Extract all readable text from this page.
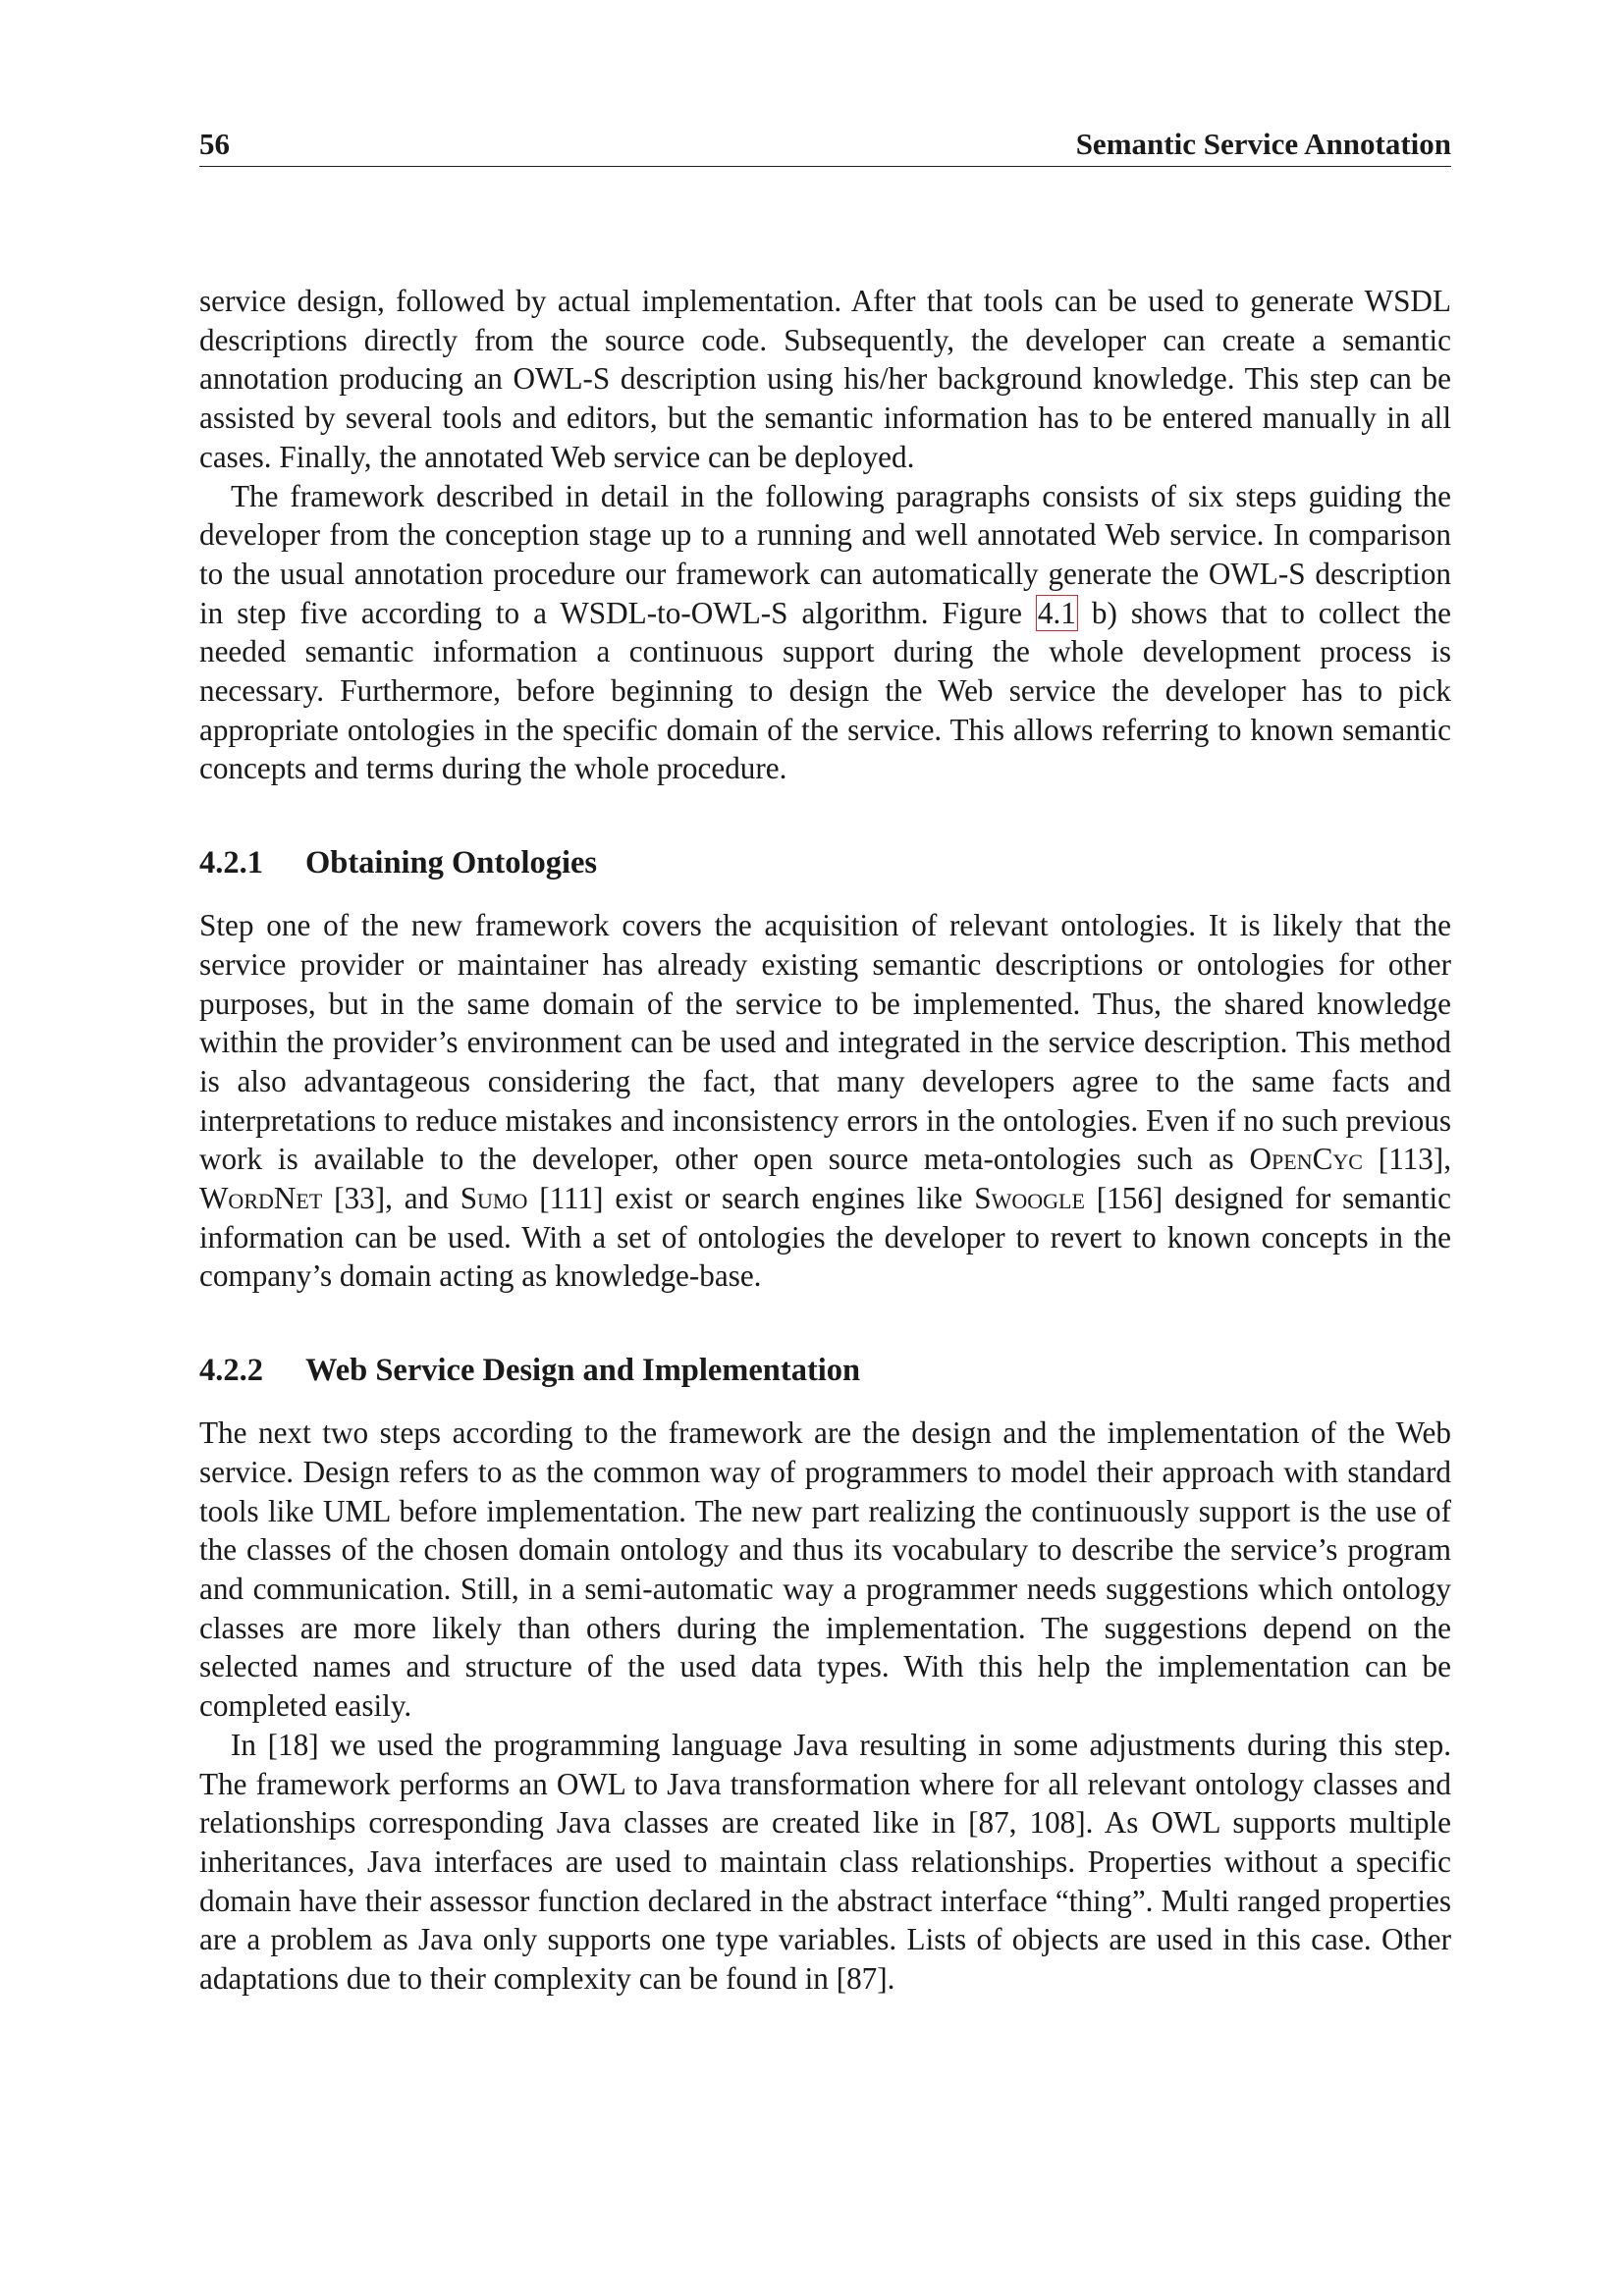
56	Semantic Service Annotation

service design, followed by actual implementation. After that tools can be used to generate WSDL descriptions directly from the source code. Subsequently, the developer can create a semantic annotation producing an OWL-S description using his/her background knowledge. This step can be assisted by several tools and editors, but the semantic information has to be entered manually in all cases. Finally, the annotated Web service can be deployed.

The framework described in detail in the following paragraphs consists of six steps guiding the developer from the conception stage up to a running and well annotated Web service. In comparison to the usual annotation procedure our framework can automatically generate the OWL-S description in step five according to a WSDL-to-OWL-S algorithm. Figure 4.1 b) shows that to collect the needed semantic information a continuous support during the whole development process is necessary. Furthermore, before beginning to design the Web service the developer has to pick appropriate ontologies in the specific domain of the service. This allows referring to known semantic concepts and terms during the whole procedure.

4.2.1 Obtaining Ontologies

Step one of the new framework covers the acquisition of relevant ontologies. It is likely that the service provider or maintainer has already existing semantic descriptions or ontologies for other purposes, but in the same domain of the service to be implemented. Thus, the shared knowledge within the provider’s environment can be used and integrated in the service description. This method is also advantageous considering the fact, that many developers agree to the same facts and interpretations to reduce mistakes and inconsistency errors in the ontologies. Even if no such previous work is available to the developer, other open source meta-ontologies such as OpenCyc [113], WordNet [33], and Sumo [111] exist or search engines like Swoogle [156] designed for semantic information can be used. With a set of ontologies the developer to revert to known concepts in the company’s domain acting as knowledge-base.

4.2.2 Web Service Design and Implementation

The next two steps according to the framework are the design and the implementation of the Web service. Design refers to as the common way of programmers to model their approach with standard tools like UML before implementation. The new part realizing the continuously support is the use of the classes of the chosen domain ontology and thus its vocabulary to describe the service’s program and communication. Still, in a semi-automatic way a programmer needs suggestions which ontology classes are more likely than others during the implementation. The suggestions depend on the selected names and structure of the used data types. With this help the implementation can be completed easily.

In [18] we used the programming language Java resulting in some adjustments during this step. The framework performs an OWL to Java transformation where for all relevant ontology classes and relationships corresponding Java classes are created like in [87, 108]. As OWL supports multiple inheritances, Java interfaces are used to maintain class relationships. Properties without a specific domain have their assessor function declared in the abstract interface “thing”. Multi ranged properties are a problem as Java only supports one type variables. Lists of objects are used in this case. Other adaptations due to their complexity can be found in [87].
